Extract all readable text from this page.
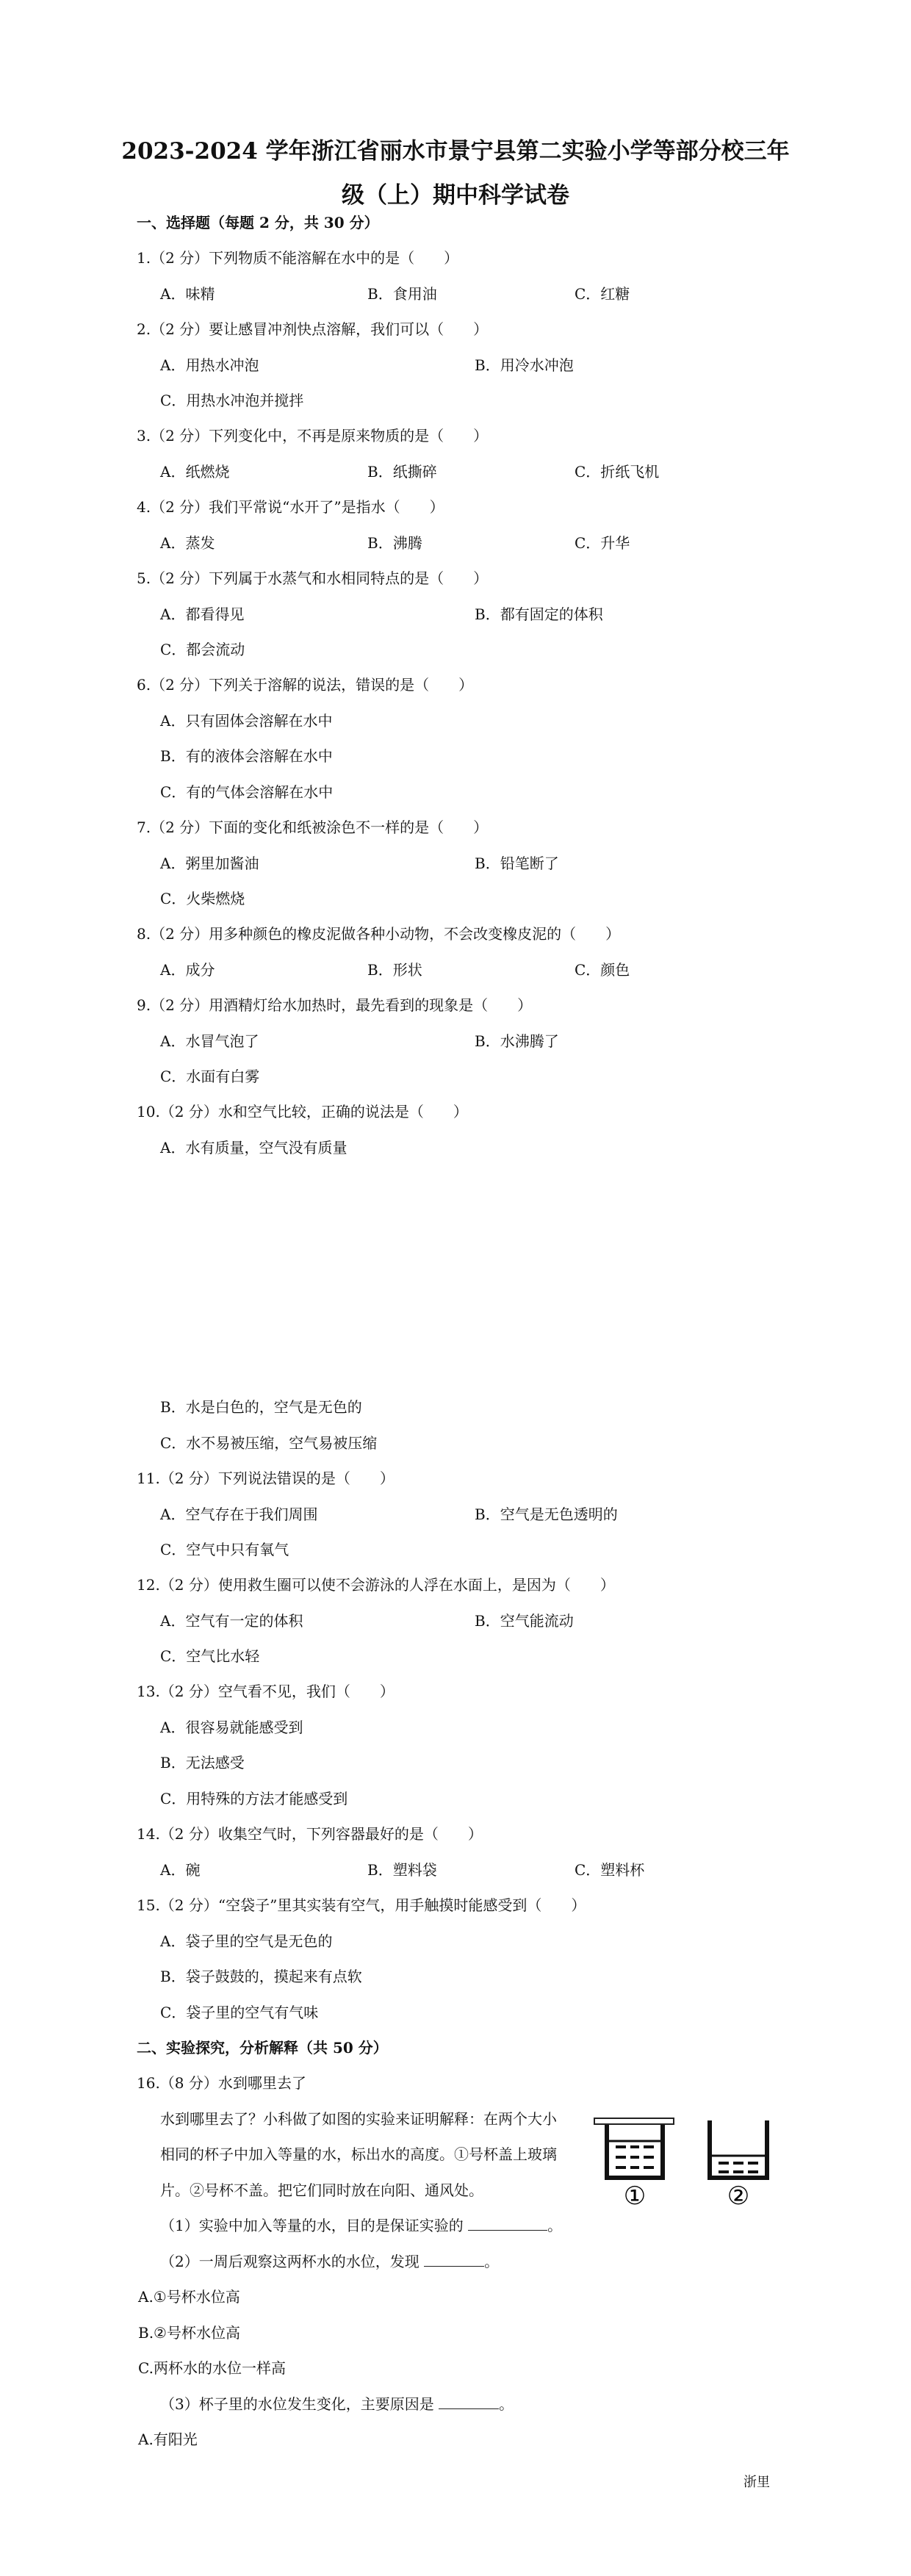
2023-2024 学年浙江省丽水市景宁县第二实验小学等部分校三年
级（上）期中科学试卷
一、选择题（每题 2 分，共 30 分）
1.（2 分）下列物质不能溶解在水中的是（　　）
A．味精	B．食用油	C．红糖
2.（2 分）要让感冒冲剂快点溶解，我们可以（　　）
A．用热水冲泡	B．用冷水冲泡
C．用热水冲泡并搅拌
3.（2 分）下列变化中，不再是原来物质的是（　　）
A．纸燃烧	B．纸撕碎	C．折纸飞机
4.（2 分）我们平常说“水开了”是指水（　　）
A．蒸发	B．沸腾	C．升华
5.（2 分）下列属于水蒸气和水相同特点的是（　　）
A．都看得见	B．都有固定的体积
C．都会流动
6.（2 分）下列关于溶解的说法，错误的是（　　）
A．只有固体会溶解在水中
B．有的液体会溶解在水中
C．有的气体会溶解在水中
7.（2 分）下面的变化和纸被涂色不一样的是（　　）
A．粥里加酱油	B．铅笔断了
C．火柴燃烧
8.（2 分）用多种颜色的橡皮泥做各种小动物，不会改变橡皮泥的（　　）
A．成分	B．形状	C．颜色
9.（2 分）用酒精灯给水加热时，最先看到的现象是（　　）
A．水冒气泡了	B．水沸腾了
C．水面有白雾
10.（2 分）水和空气比较，正确的说法是（　　）
A．水有质量，空气没有质量
B．水是白色的，空气是无色的
C．水不易被压缩，空气易被压缩
11.（2 分）下列说法错误的是（　　）
A．空气存在于我们周围	B．空气是无色透明的
C．空气中只有氧气
12.（2 分）使用救生圈可以使不会游泳的人浮在水面上，是因为（　　）
A．空气有一定的体积	B．空气能流动
C．空气比水轻
13.（2 分）空气看不见，我们（　　）
A．很容易就能感受到
B．无法感受
C．用特殊的方法才能感受到
14.（2 分）收集空气时，下列容器最好的是（　　）
A．碗	B．塑料袋	C．塑料杯
15.（2 分）“空袋子”里其实装有空气，用手触摸时能感受到（　　）
A．袋子里的空气是无色的
B．袋子鼓鼓的，摸起来有点软
C．袋子里的空气有气味
二、实验探究，分析解释（共 50 分）
16.（8 分）水到哪里去了
水到哪里去了？小科做了如图的实验来证明解释：在两个大小
相同的杯子中加入等量的水，标出水的高度。①号杯盖上玻璃
片。②号杯不盖。把它们同时放在向阳、通风处。	①	②
（1）实验中加入等量的水，目的是保证实验的	。
（2）一周后观察这两杯水的水位，发现	。
A.①号杯水位高
B.②号杯水位高
C.两杯水的水位一样高
（3）杯子里的水位发生变化，主要原因是	。
A.有阳光
浙里
